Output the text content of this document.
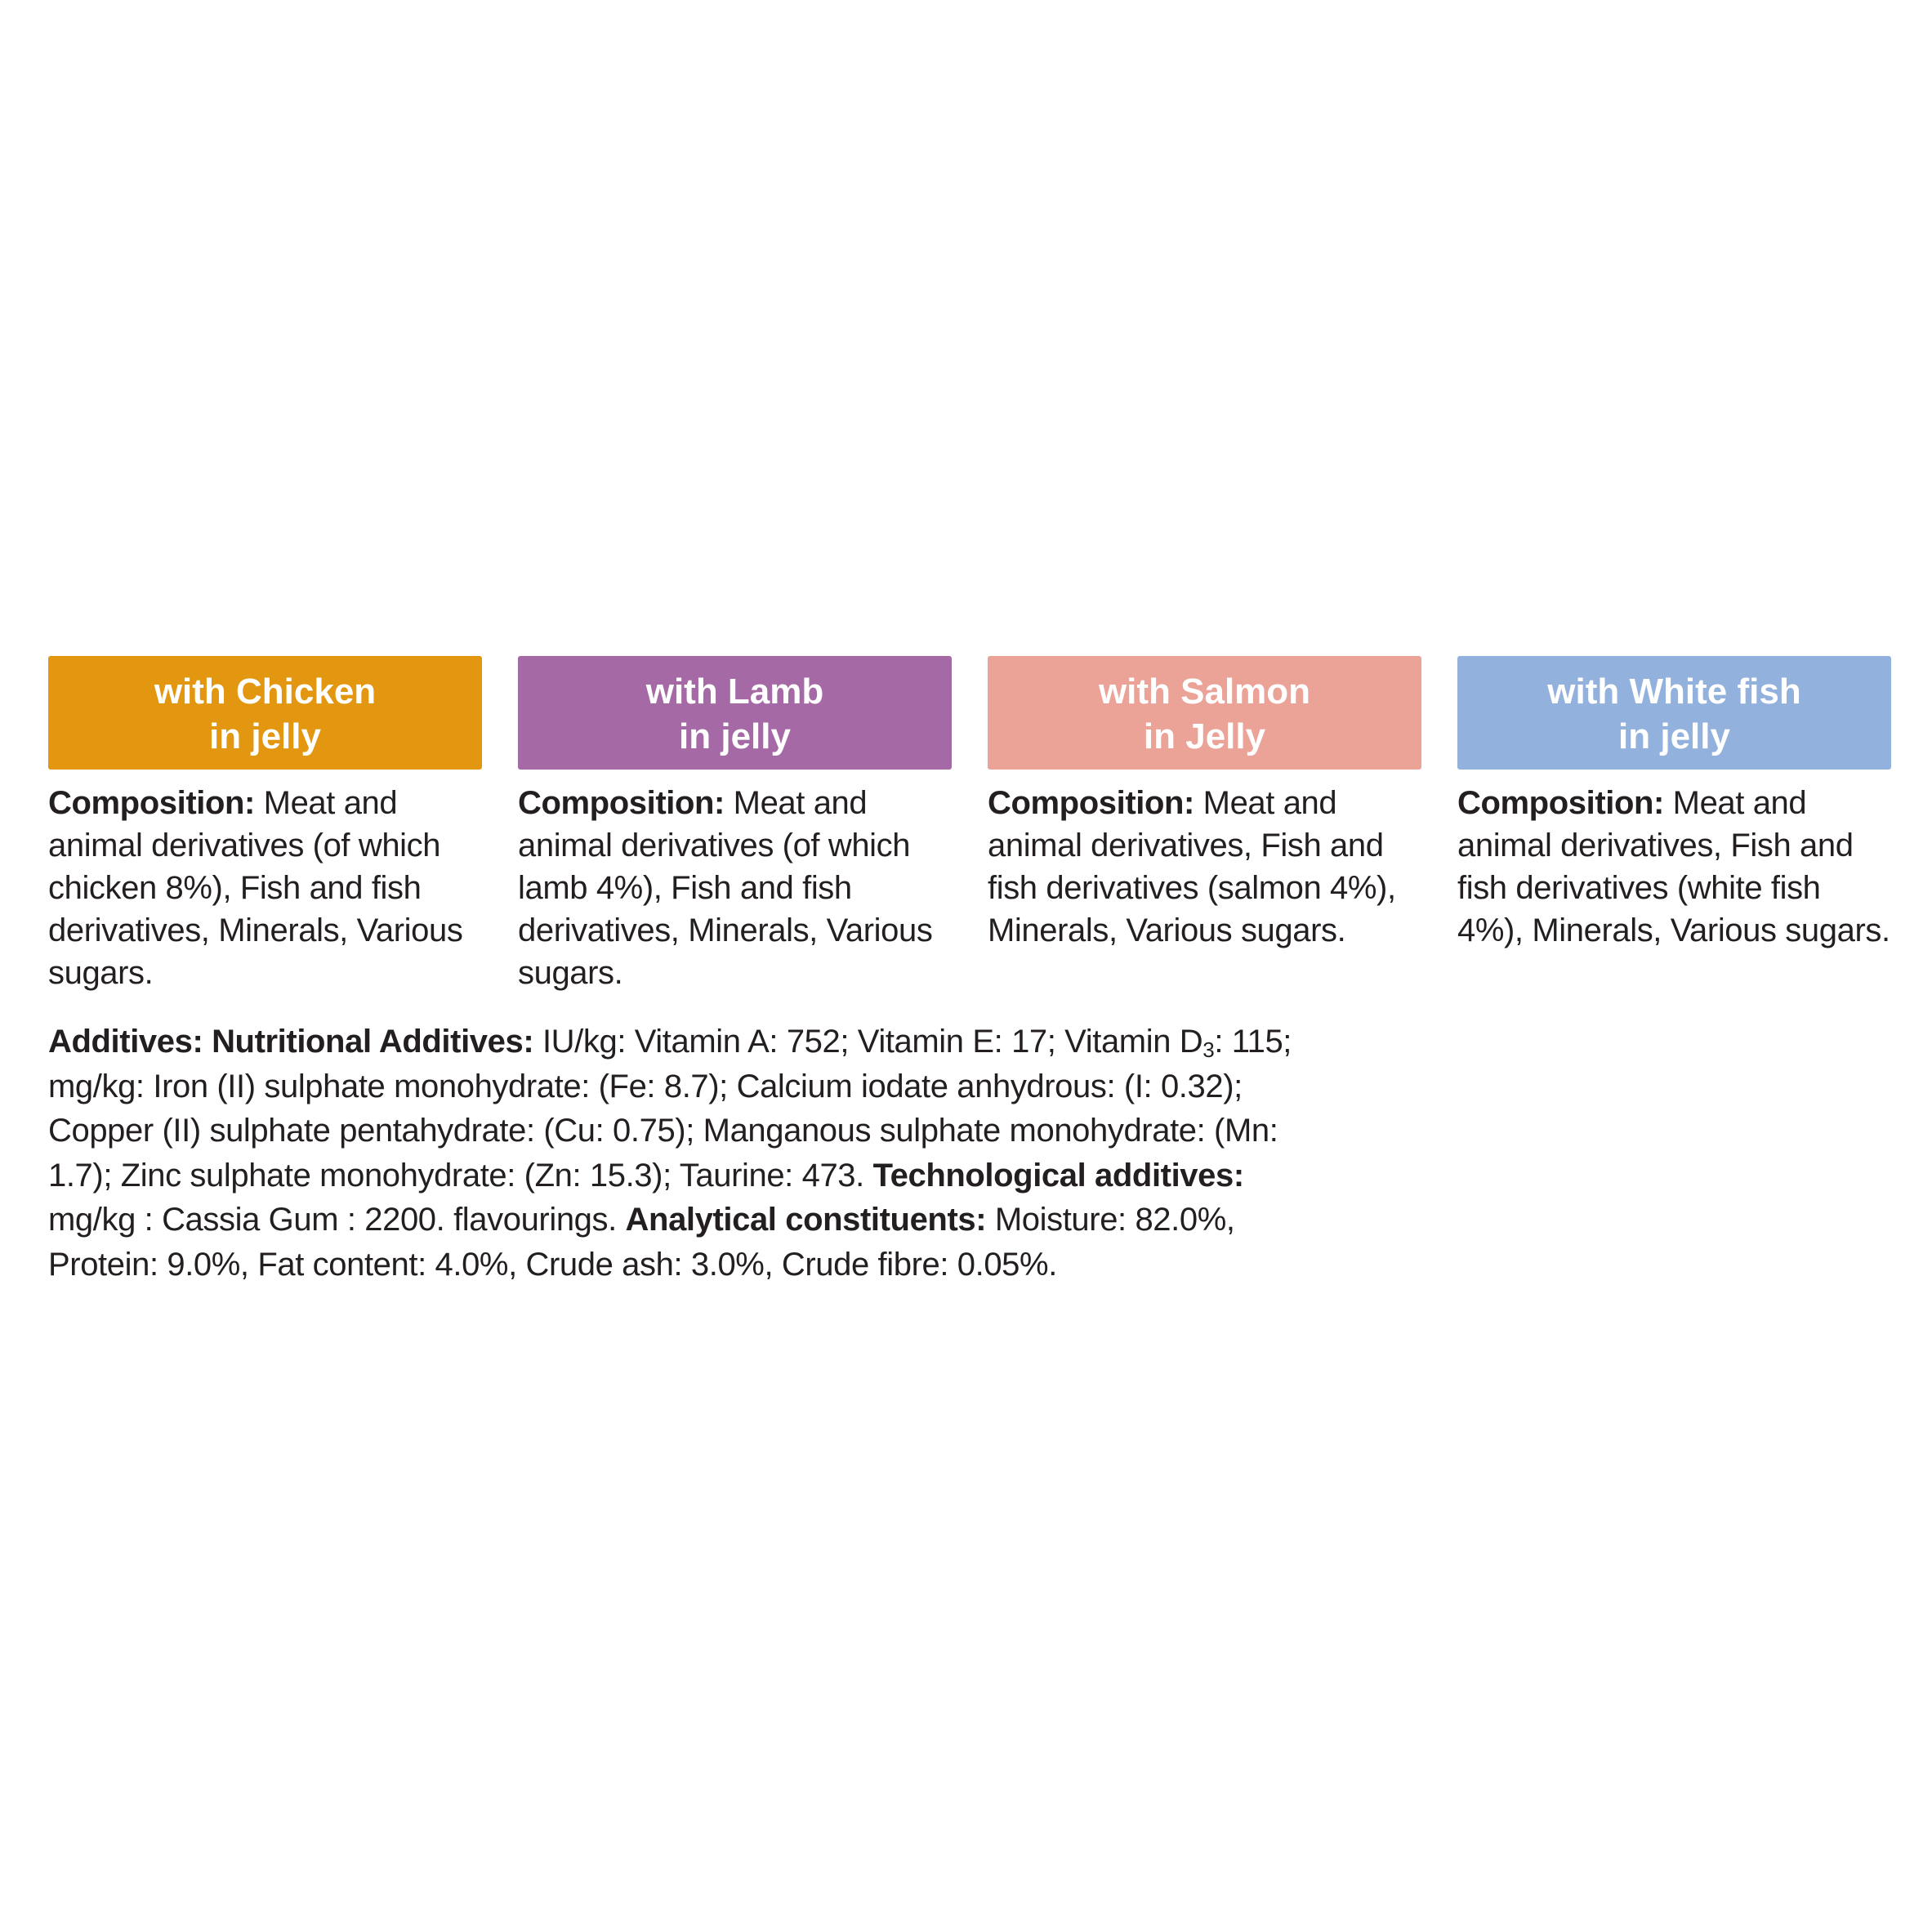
with Chicken
in jelly
Composition: Meat and animal derivatives (of which chicken 8%), Fish and fish derivatives, Minerals, Various sugars.
with Lamb
in jelly
Composition: Meat and animal derivatives (of which lamb 4%), Fish and fish derivatives, Minerals, Various sugars.
with Salmon
in Jelly
Composition: Meat and animal derivatives, Fish and fish derivatives (salmon 4%), Minerals, Various sugars.
with White fish
in jelly
Composition: Meat and animal derivatives, Fish and fish derivatives (white fish 4%), Minerals, Various sugars.
Additives: Nutritional Additives: IU/kg: Vitamin A: 752; Vitamin E: 17; Vitamin $D_3$: 115; mg/kg: Iron (II) sulphate monohydrate: (Fe: 8.7); Calcium iodate anhydrous: (I: 0.32); Copper (II) sulphate pentahydrate: (Cu: 0.75); Manganous sulphate monohydrate: (Mn: 1.7); Zinc sulphate monohydrate: (Zn: 15.3); Taurine: 473. Technological additives: mg/kg : Cassia Gum : 2200. flavourings. Analytical constituents: Moisture: 82.0%, Protein: 9.0%, Fat content: 4.0%, Crude ash: 3.0%, Crude fibre: 0.05%.
